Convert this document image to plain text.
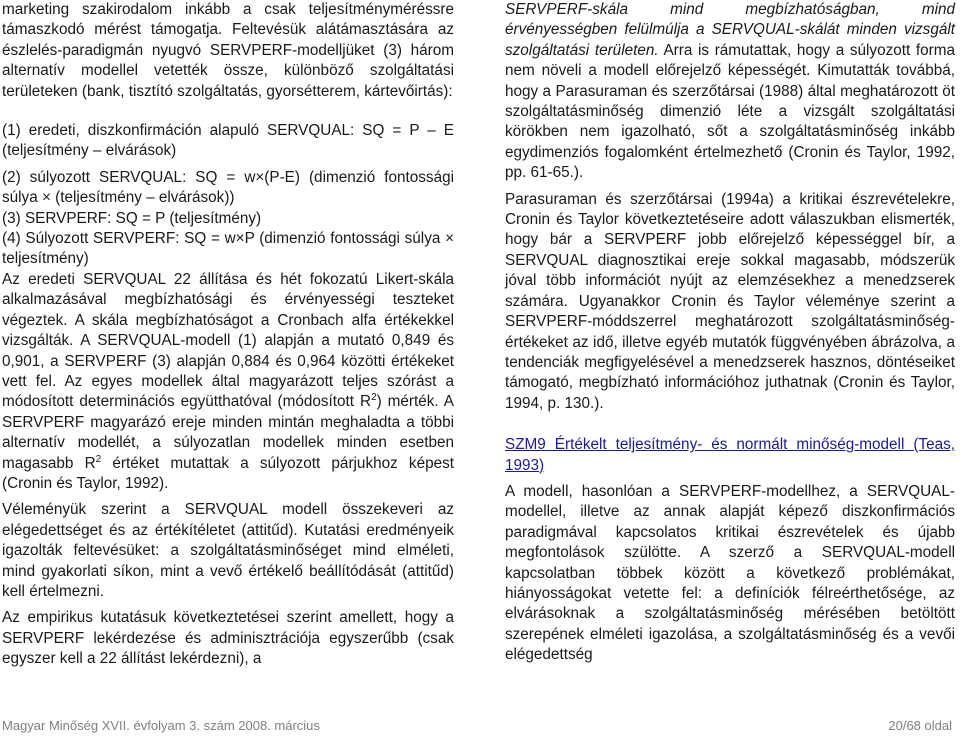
marketing szakirodalom inkább a csak teljesítményméréssre támaszkodó mérést támogatja. Feltevésük alátámasztására az észlelés-paradigmán nyugvó SERVPERF-modelljüket (3) három alternatív modellel vetették össze, különböző szolgáltatási területeken (bank, tisztító szolgáltatás, gyorsétterem, kártevőirtás):

(1) eredeti, diszkonfirmáción alapuló SERVQUAL: SQ = P – E (teljesítmény – elvárások)

(2) súlyozott SERVQUAL: SQ = w×(P-E) (dimenzió fontossági súlya × (teljesítmény – elvárások))

(3) SERVPERF: SQ = P (teljesítmény)

(4) Súlyozott SERVPERF: SQ = w×P (dimenzió fontossági súlya × teljesítmény)

Az eredeti SERVQUAL 22 állítása és hét fokozatú Likert-skála alkalmazásával megbízhatósági és érvényességi teszteket végeztek. A skála megbízhatóságot a Cronbach alfa értékekkel vizsgálták. A SERVQUAL-modell (1) alapján a mutató 0,849 és 0,901, a SERVPERF (3) alapján 0,884 és 0,964 közötti értékeket vett fel. Az egyes modellek által magyarázott teljes szórást a módosított determinációs együtthatóval (módosított $R^2$) mérték. A SERVPERF magyarázó ereje minden mintán meghaladta a többi alternatív modellét, a súlyozatlan modellek minden esetben magasabb $R^2$ értéket mutattak a súlyozott párjukhoz képest (Cronin és Taylor, 1992).

Véleményük szerint a SERVQUAL modell összekeveri az elégedettséget és az értékítéletet (attitűd). Kutatási eredményeik igazolták feltevésüket: a szolgáltatásminőséget mind elméleti, mind gyakorlati síkon, mint a vevő értékelő beállítódását (attitűd) kell értelmezni.

Az empirikus kutatásuk következtetései szerint amellett, hogy a SERVPERF lekérdezése és adminisztrációja egyszerűbb (csak egyszer kell a 22 állítást lekérdezni), a

SERVPERF-skála mind megbízhatóságban, mind érvényességben felülmúlja a SERVQUAL-skálát minden vizsgált szolgáltatási területen. Arra is rámutattak, hogy a súlyozott forma nem növeli a modell előrejelző képességét. Kimutatták továbbá, hogy a Parasuraman és szerzőtársai (1988) által meghatározott öt szolgáltatásminőség dimenzió léte a vizsgált szolgáltatási körökben nem igazolható, sőt a szolgáltatásminőség inkább egydimenziós fogalomként értelmezhető (Cronin és Taylor, 1992, pp. 61-65.).

Parasuraman és szerzőtársai (1994a) a kritikai észrevételekre, Cronin és Taylor következtetéseire adott válaszukban elismerték, hogy bár a SERVPERF jobb előrejelző képességgel bír, a SERVQUAL diagnosztikai ereje sokkal magasabb, módszerük jóval több információt nyújt az elemzésekhez a menedzserek számára. Ugyanakkor Cronin és Taylor véleménye szerint a SERVPERF-móddszerrel meghatározott szolgáltatásminőség-értékeket az idő, illetve egyéb mutatók függvényében ábrázolva, a tendenciák megfigyelésével a menedzserek hasznos, döntéseiket támogató, megbízható információhoz juthatnak (Cronin és Taylor, 1994, p. 130.).

SZM9 Értékelt teljesítmény- és normált minőség-modell (Teas, 1993)

A modell, hasonlóan a SERVPERF-modellhez, a SERVQUAL-modellel, illetve az annak alapját képező diszkonfirmációs paradigmával kapcsolatos kritikai észrevételek és újabb megfontolások szülötte. A szerző a SERVQUAL-modell kapcsolatban többek között a következő problémákat, hiányosságokat vetette fel: a definíciók félreérthetősége, az elvárásoknak a szolgáltatásminőség mérésében betöltött szerepének elméleti igazolása, a szolgáltatásminőség és a vevői elégedettség

Magyar Minőség XVII. évfolyam 3. szám 2008. március	20/68 oldal
